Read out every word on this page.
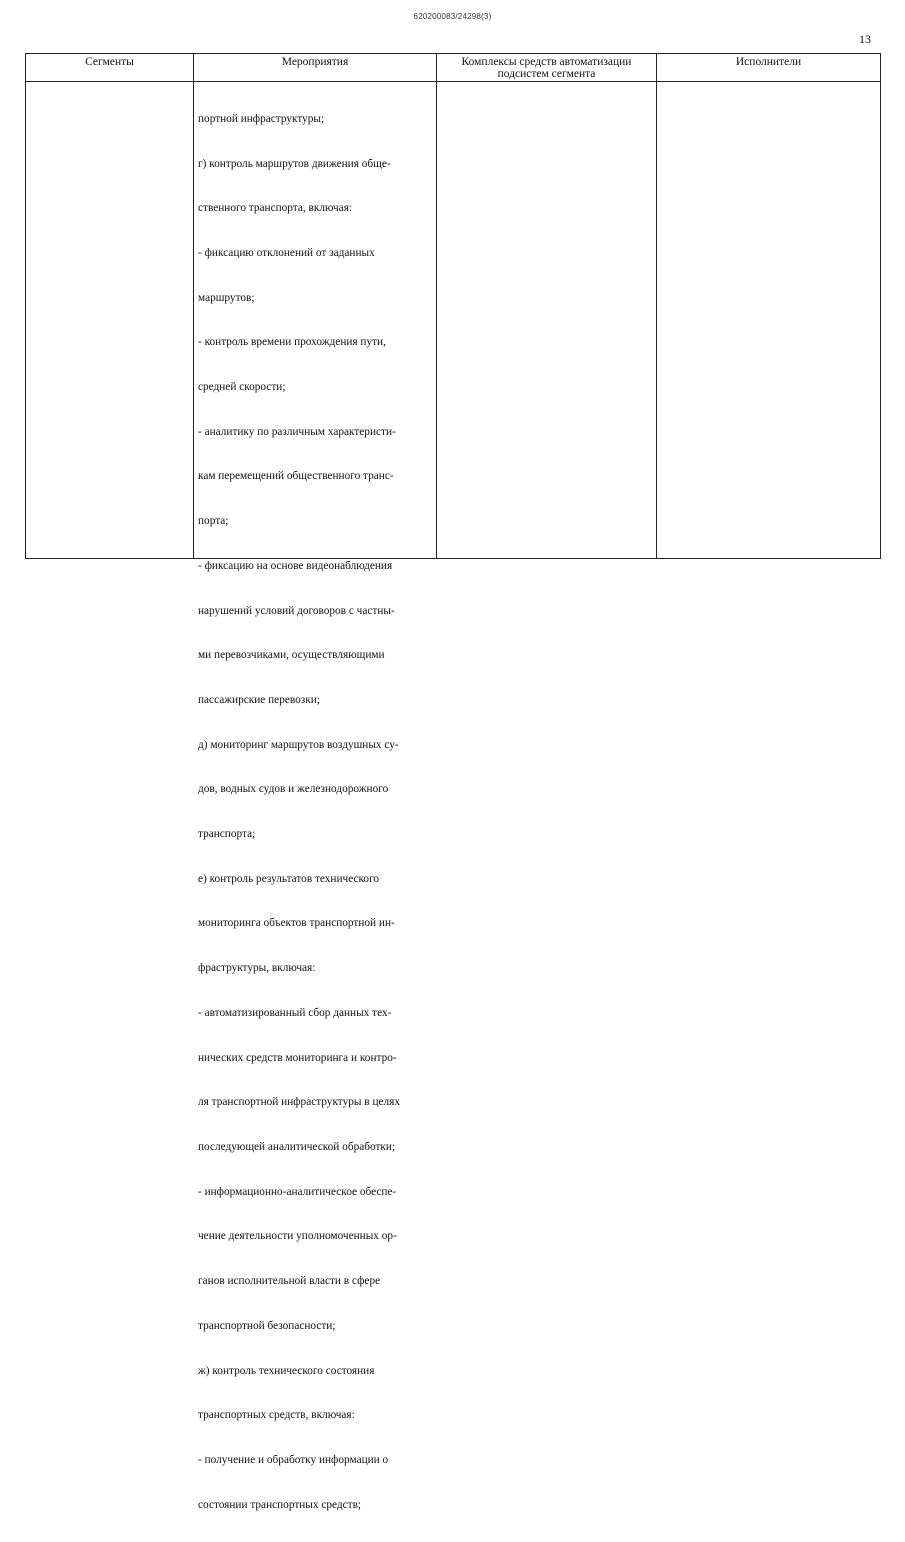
620200083/24298(3)
13
Сегменты	Мероприятия	Комплексы средств автоматизации
подсистем сегмента
Исполнители

портной инфраструктуры;

г) контроль маршрутов движения обще-

ственного транспорта, включая:

- фиксацию отклонений от заданных

маршрутов;

- контроль времени прохождения пути,

средней скорости;

- аналитику по различным характеристи-

кам перемещений общественного транс-

порта;

- фиксацию на основе видеонаблюдения

нарушений условий договоров с частны-

ми перевозчиками, осуществляющими

пассажирские перевозки;

д) мониторинг маршрутов воздушных су-

дов, водных судов и железнодорожного

транспорта;

е) контроль результатов технического

мониторинга объектов транспортной ин-

фраструктуры, включая:

- автоматизированный сбор данных тех-

нических средств мониторинга и контро-

ля транспортной инфраструктуры в целях

последующей аналитической обработки;

- информационно-аналитическое обеспе-

чение деятельности уполномоченных ор-

ганов исполнительной власти в сфере

транспортной безопасности;

ж) контроль технического состояния

транспортных средств, включая:

- получение и обработку информации о

состоянии транспортных средств;
